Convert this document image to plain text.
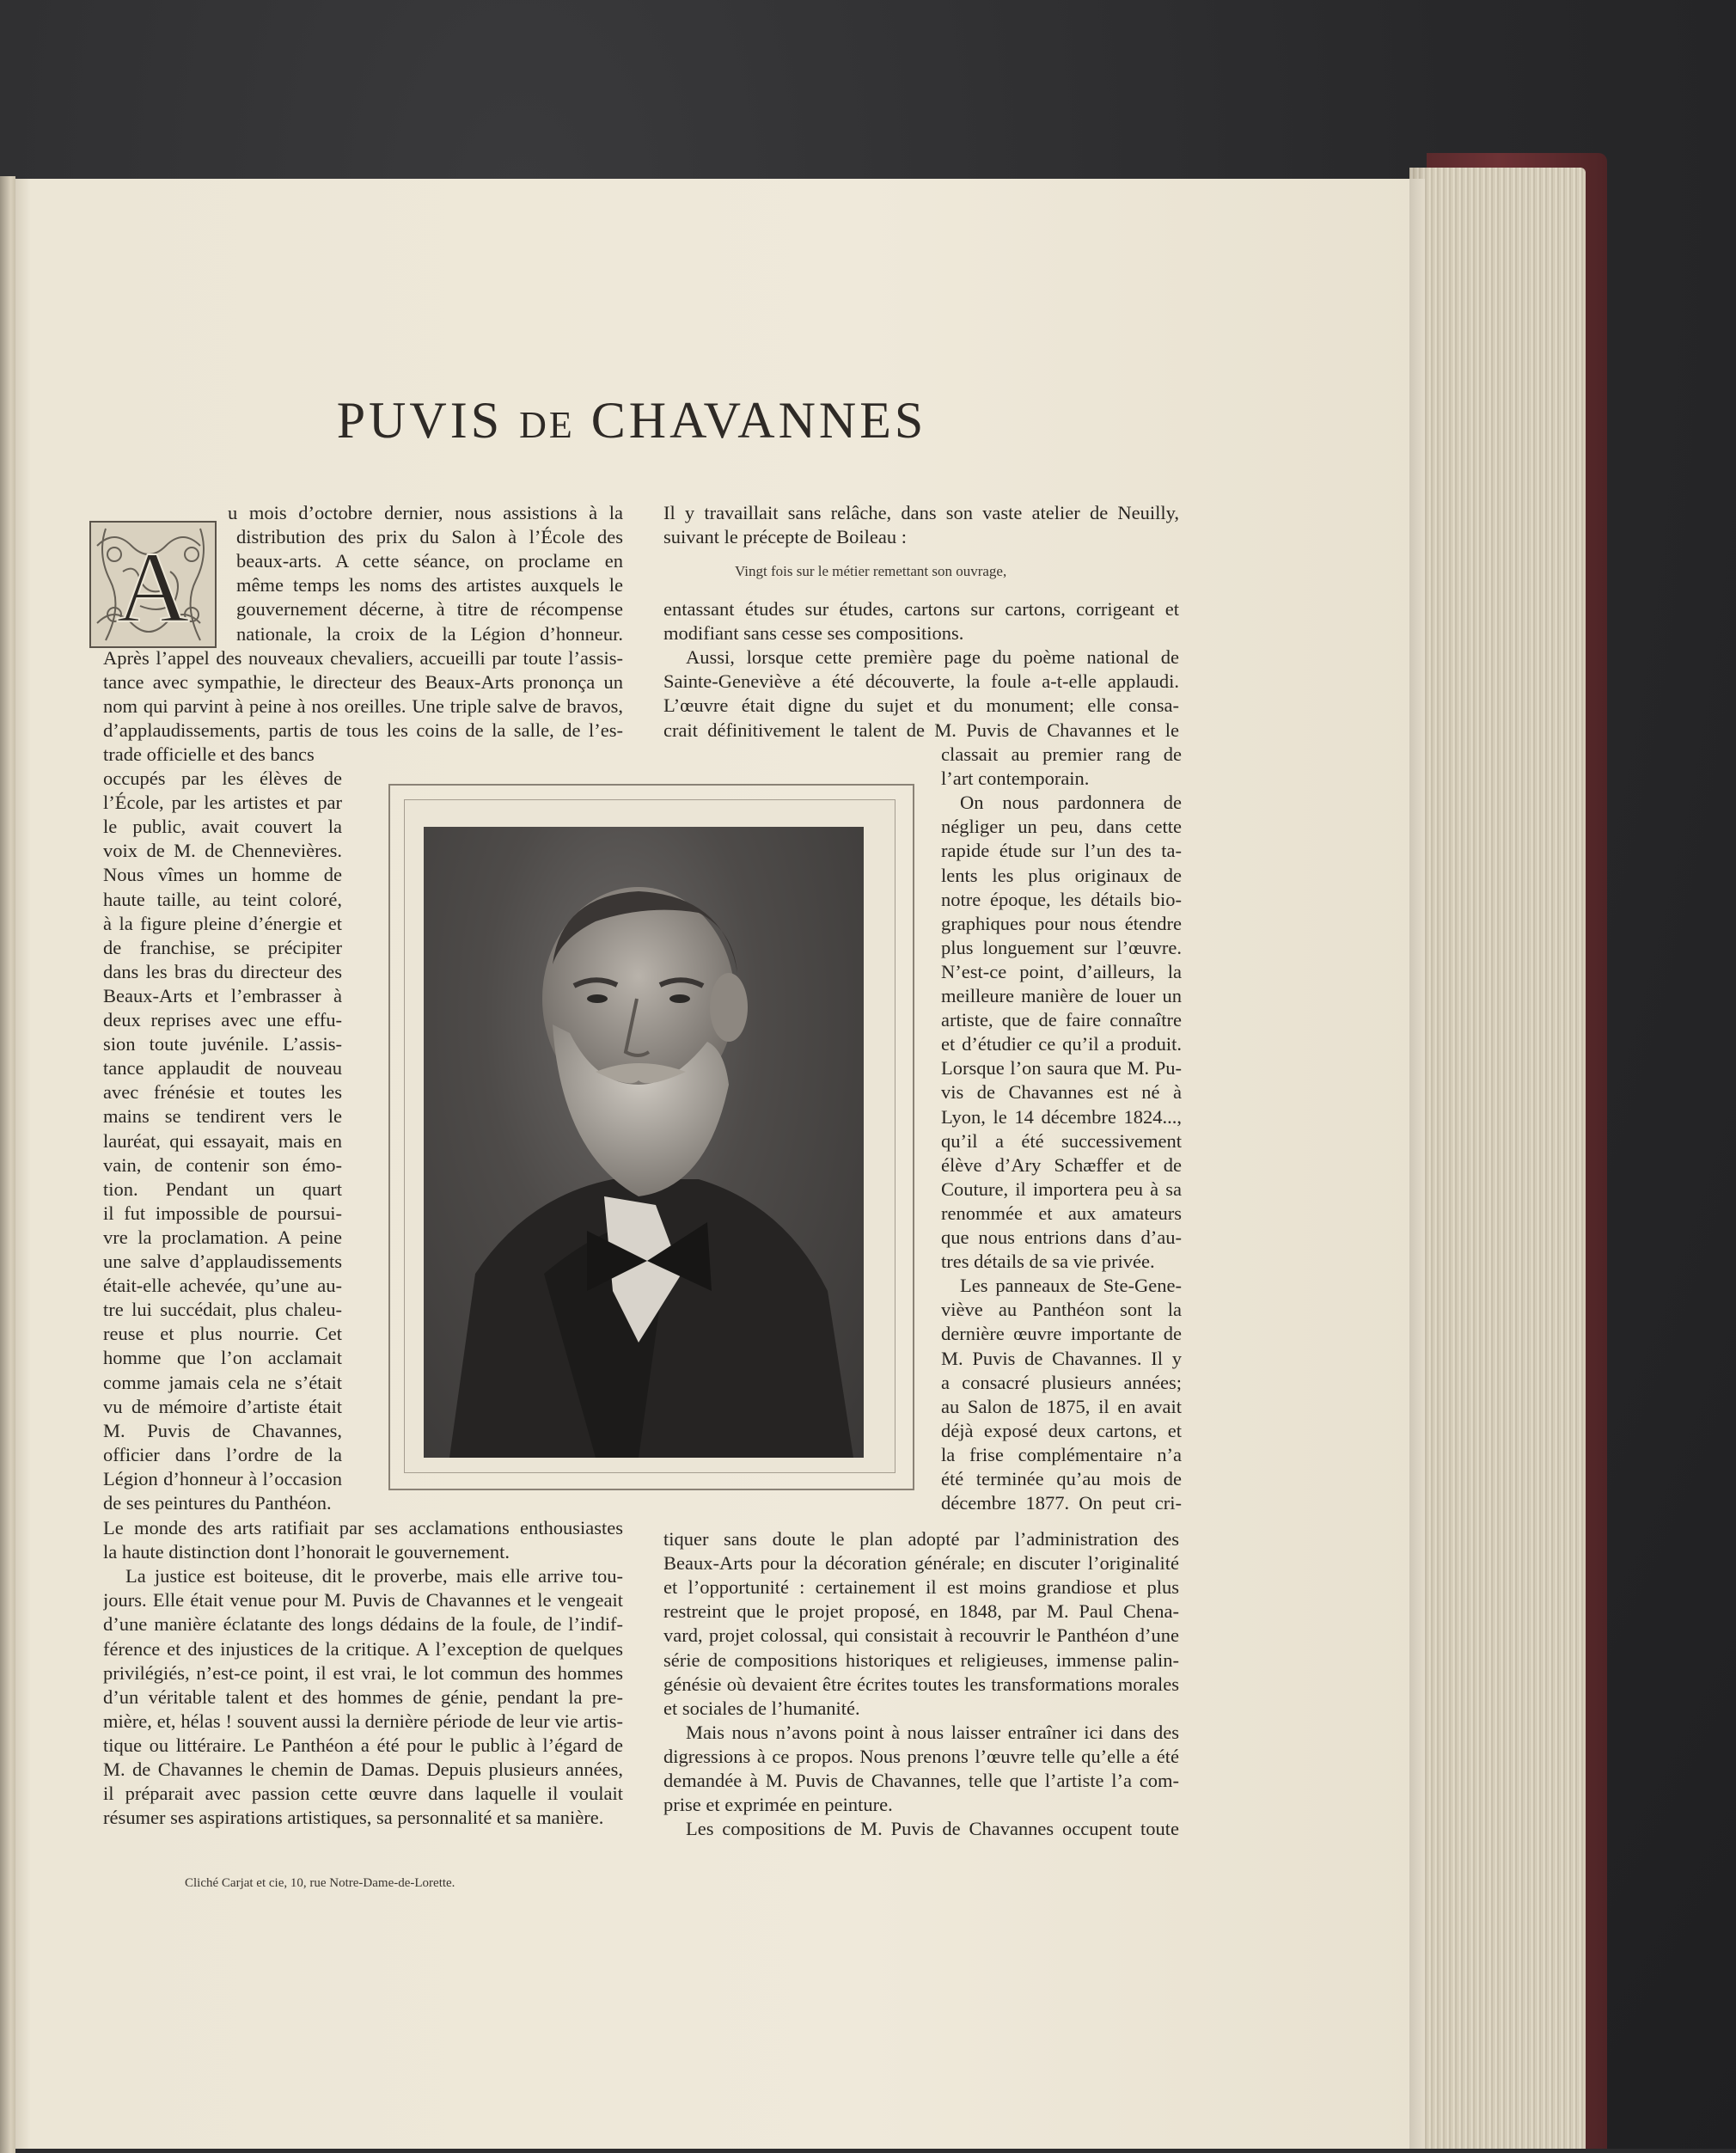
PUVIS DE CHAVANNES
A	Vingt fois sur le métier remettant son ouvrage,
Cliché Carjat et cie, 10, rue Notre-Dame-de-Lorette.
u mois d’octobre dernier, nous assistions à la
distribution des prix du Salon à l’École des
beaux-arts. A cette séance, on proclame en
même temps les noms des artistes auxquels le
gouvernement décerne, à titre de récompense
nationale, la croix de la Légion d’honneur.
Après l’appel des nouveaux chevaliers, accueilli par toute l’assis-
tance avec sympathie, le directeur des Beaux-Arts prononça un
nom qui parvint à peine à nos oreilles. Une triple salve de bravos,
d’applaudissements, partis de tous les coins de la salle, de l’es-
trade officielle et des bancs
occupés par les élèves de
l’École, par les artistes et par
le public, avait couvert la
voix de M. de Chennevières.
Nous vîmes un homme de
haute taille, au teint coloré,
à la figure pleine d’énergie et
de franchise, se précipiter
dans les bras du directeur des
Beaux-Arts et l’embrasser à
deux reprises avec une effu-
sion toute juvénile. L’assis-
tance applaudit de nouveau
avec frénésie et toutes les
mains se tendirent vers le
lauréat, qui essayait, mais en
vain, de contenir son émo-
tion. Pendant un quart
il fut impossible de poursui-
vre la proclamation. A peine
une salve d’applaudissements
était-elle achevée, qu’une au-
tre lui succédait, plus chaleu-
reuse et plus nourrie. Cet
homme que l’on acclamait
comme jamais cela ne s’était
vu de mémoire d’artiste était
M. Puvis de Chavannes,
officier dans l’ordre de la
Légion d’honneur à l’occasion
de ses peintures du Panthéon.
Le monde des arts ratifiait par ses acclamations enthousiastes
la haute distinction dont l’honorait le gouvernement.
La justice est boiteuse, dit le proverbe, mais elle arrive tou-
jours. Elle était venue pour M. Puvis de Chavannes et le vengeait
d’une manière éclatante des longs dédains de la foule, de l’indif-
férence et des injustices de la critique. A l’exception de quelques
privilégiés, n’est-ce point, il est vrai, le lot commun des hommes
d’un véritable talent et des hommes de génie, pendant la pre-
mière, et, hélas ! souvent aussi la dernière période de leur vie artis-
tique ou littéraire. Le Panthéon a été pour le public à l’égard de
M. de Chavannes le chemin de Damas. Depuis plusieurs années,
il préparait avec passion cette œuvre dans laquelle il voulait
résumer ses aspirations artistiques, sa personnalité et sa manière.
Il y travaillait sans relâche, dans son vaste atelier de Neuilly,
suivant le précepte de Boileau :
entassant études sur études, cartons sur cartons, corrigeant et
modifiant sans cesse ses compositions.
Aussi, lorsque cette première page du poème national de
Sainte-Geneviève a été découverte, la foule a-t-elle applaudi.
L’œuvre était digne du sujet et du monument; elle consa-
crait définitivement le talent de M. Puvis de Chavannes et le
classait au premier rang de
l’art contemporain.
On nous pardonnera de
négliger un peu, dans cette
rapide étude sur l’un des ta-
lents les plus originaux de
notre époque, les détails bio-
graphiques pour nous étendre
plus longuement sur l’œuvre.
N’est-ce point, d’ailleurs, la
meilleure manière de louer un
artiste, que de faire connaître
et d’étudier ce qu’il a produit.
Lorsque l’on saura que M. Pu-
vis de Chavannes est né à
Lyon, le 14 décembre 1824...,
qu’il a été successivement
élève d’Ary Schæffer et de
Couture, il importera peu à sa
renommée et aux amateurs
que nous entrions dans d’au-
tres détails de sa vie privée.
Les panneaux de Ste-Gene-
viève au Panthéon sont la
dernière œuvre importante de
M. Puvis de Chavannes. Il y
a consacré plusieurs années;
au Salon de 1875, il en avait
déjà exposé deux cartons, et
la frise complémentaire n’a
été terminée qu’au mois de
décembre 1877. On peut cri-
tiquer sans doute le plan adopté par l’administration des
Beaux-Arts pour la décoration générale; en discuter l’originalité
et l’opportunité : certainement il est moins grandiose et plus
restreint que le projet proposé, en 1848, par M. Paul Chena-
vard, projet colossal, qui consistait à recouvrir le Panthéon d’une
série de compositions historiques et religieuses, immense palin-
génésie où devaient être écrites toutes les transformations morales
et sociales de l’humanité.
Mais nous n’avons point à nous laisser entraîner ici dans des
digressions à ce propos. Nous prenons l’œuvre telle qu’elle a été
demandée à M. Puvis de Chavannes, telle que l’artiste l’a com-
prise et exprimée en peinture.
Les compositions de M. Puvis de Chavannes occupent toute
